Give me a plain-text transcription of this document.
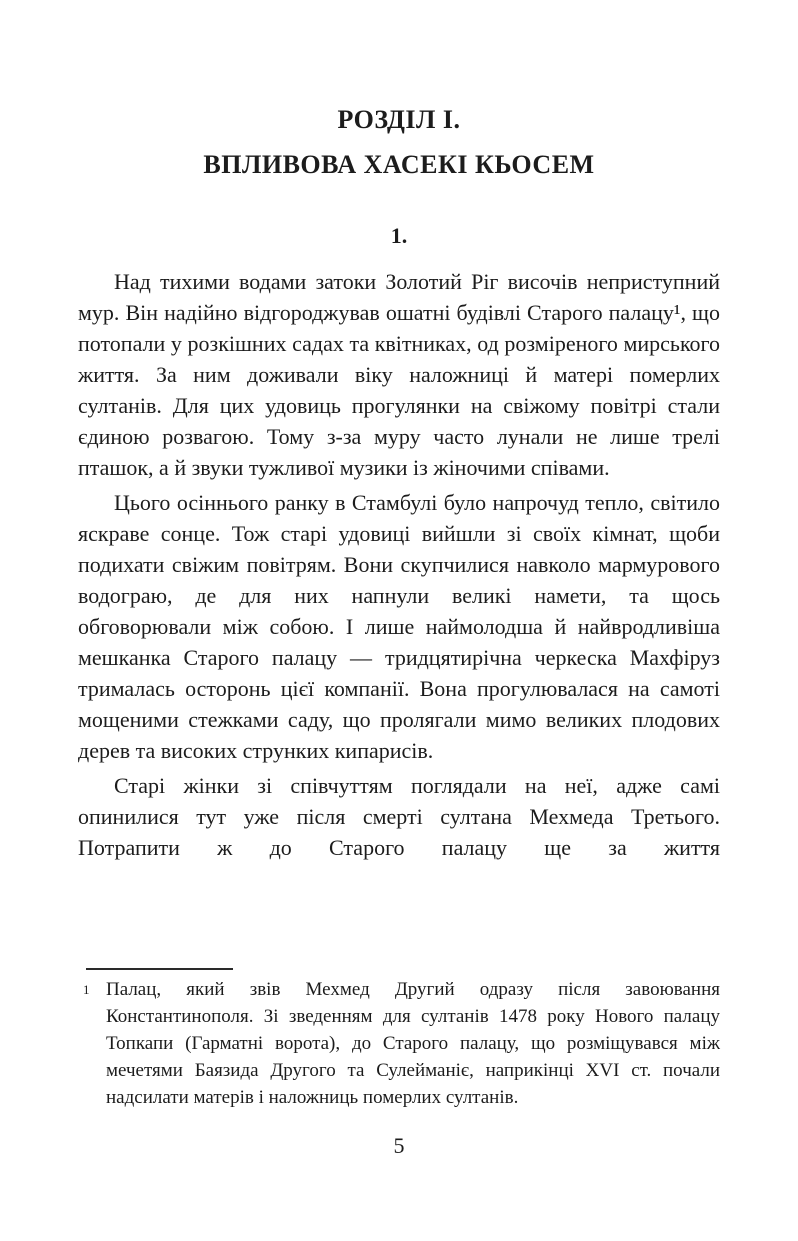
РОЗДІЛ І.
ВПЛИВОВА ХАСЕКІ КЬОСЕМ
1.

Над тихими водами затоки Золотий Ріг височів неприступний мур. Він надійно відгороджував ошатні будівлі Старого палацу¹, що потопали у розкішних садах та квітниках, од розміреного мирського життя. За ним доживали віку наложниці й матері померлих султанів. Для цих удовиць прогулянки на свіжому повітрі стали єдиною розвагою. Тому з-за муру часто лунали не лише трелі пташок, а й звуки тужливої музики із жіночими співами.

Цього осіннього ранку в Стамбулі було напрочуд тепло, світило яскраве сонце. Тож старі удовиці вийшли зі своїх кімнат, щоби подихати свіжим повітрям. Вони скупчилися навколо мармурового водограю, де для них напнули великі намети, та щось обговорювали між собою. І лише наймолодша й найвродливіша мешканка Старого палацу — тридцятирічна черкеска Махфіруз трималась осторонь цієї компанії. Вона прогулювалася на самоті мощеними стежками саду, що пролягали мимо великих плодових дерев та високих струнких кипарисів.

Старі жінки зі співчуттям поглядали на неї, адже самі опинилися тут уже після смерті султана Мехмеда Третього. Потрапити ж до Старого палацу ще за життя

1 Палац, який звів Мехмед Другий одразу після завоювання Константинополя. Зі зведенням для султанів 1478 року Нового палацу Топкапи (Гарматні ворота), до Старого палацу, що розміщувався між мечетями Баязида Другого та Сулейманіє, наприкінці XVI ст. почали надсилати матерів і наложниць померлих султанів.

5
